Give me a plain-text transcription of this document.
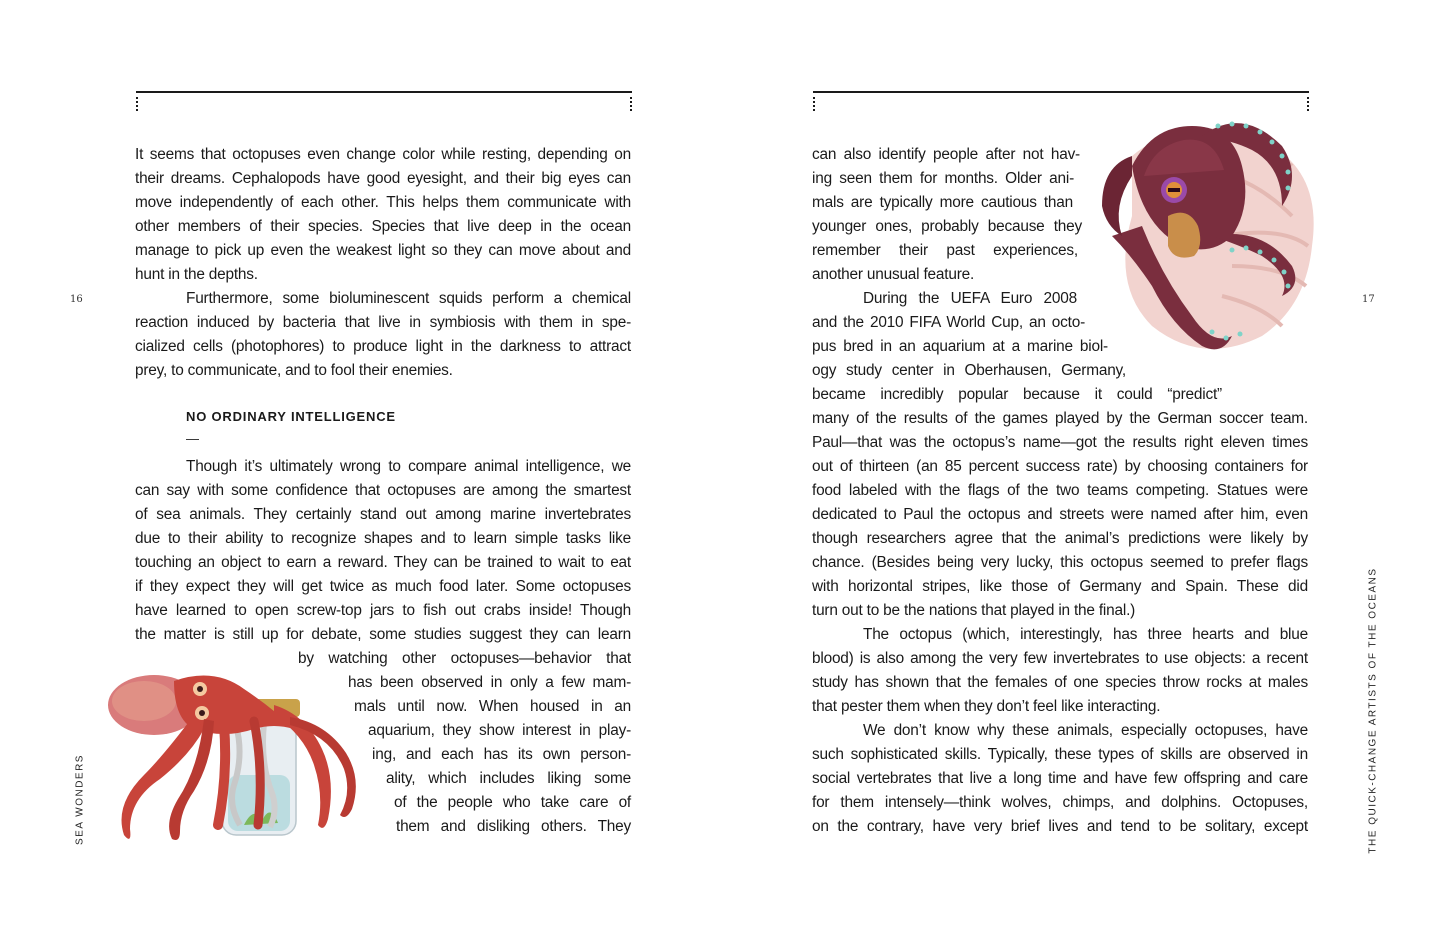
16
SEA WONDERS
It seems that octopuses even change color while resting, depending on
their dreams. Cephalopods have good eyesight, and their big eyes can
move independently of each other. This helps them communicate with
other members of their species. Species that live deep in the ocean
manage to pick up even the weakest light so they can move about and
hunt in the depths.
Furthermore, some bioluminescent squids perform a chemical
reaction induced by bacteria that live in symbiosis with them in spe-
cialized cells (photophores) to produce light in the darkness to attract
prey, to communicate, and to fool their enemies.
NO ORDINARY INTELLIGENCE
—
Though it’s ultimately wrong to compare animal intelligence, we
can say with some confidence that octopuses are among the smartest
of sea animals. They certainly stand out among marine invertebrates
due to their ability to recognize shapes and to learn simple tasks like
touching an object to earn a reward. They can be trained to wait to eat
if they expect they will get twice as much food later. Some octopuses
have learned to open screw-top jars to fish out crabs inside! Though
the matter is still up for debate, some studies suggest they can learn
by watching other octopuses—behavior that
has been observed in only a few mam-
mals until now. When housed in an
aquarium, they show interest in play-
ing, and each has its own person-
ality, which includes liking some
of the people who take care of
them and disliking others. They
17
THE QUICK-CHANGE ARTISTS OF THE OCEANS
can also identify people after not hav-
ing seen them for months. Older ani-
mals are typically more cautious than
younger ones, probably because they
remember their past experiences,
another unusual feature.
During the UEFA Euro 2008
and the 2010 FIFA World Cup, an octo-
pus bred in an aquarium at a marine biol-
ogy study center in Oberhausen, Germany,
became incredibly popular because it could “predict”
many of the results of the games played by the German soccer team.
Paul—that was the octopus’s name—got the results right eleven times
out of thirteen (an 85 percent success rate) by choosing containers for
food labeled with the flags of the two teams competing. Statues were
dedicated to Paul the octopus and streets were named after him, even
though researchers agree that the animal’s predictions were likely by
chance. (Besides being very lucky, this octopus seemed to prefer flags
with horizontal stripes, like those of Germany and Spain. These did
turn out to be the nations that played in the final.)
The octopus (which, interestingly, has three hearts and blue
blood) is also among the very few invertebrates to use objects: a recent
study has shown that the females of one species throw rocks at males
that pester them when they don’t feel like interacting.
We don’t know why these animals, especially octopuses, have
such sophisticated skills. Typically, these types of skills are observed in
social vertebrates that live a long time and have few offspring and care
for them intensely—think wolves, chimps, and dolphins. Octopuses,
on the contrary, have very brief lives and tend to be solitary, except
